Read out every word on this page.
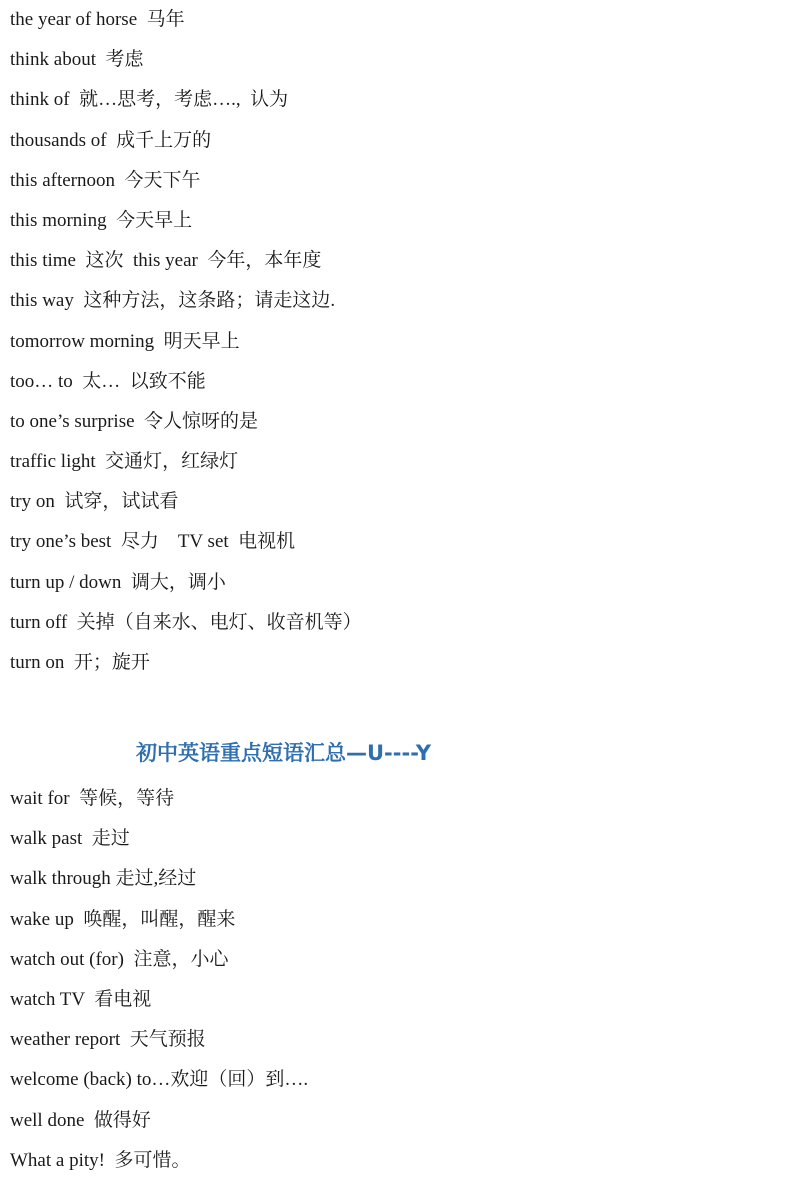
the year of horse  马年
think about  考虑
think of  就…思考，考虑….,  认为
thousands of  成千上万的
this afternoon  今天下午
this morning  今天早上
this time  这次  this year  今年，本年度
this way  这种方法，这条路；请走这边.
tomorrow morning  明天早上
too… to  太…  以致不能
to one’s surprise  令人惊呀的是
traffic light  交通灯，红绿灯
try on  试穿，试试看
try one’s best  尽力    TV set  电视机
turn up / down  调大，调小
turn off  关掉（自来水、电灯、收音机等）
turn on  开；旋开
初中英语重点短语汇总—U----Y
wait for  等候，等待
walk past  走过
walk through 走过,经过
wake up  唤醒，叫醒，醒来
watch out (for)  注意，小心
watch TV  看电视
weather report  天气预报
welcome (back) to…欢迎（回）到….
well done  做得好
What a pity!  多可惜。
